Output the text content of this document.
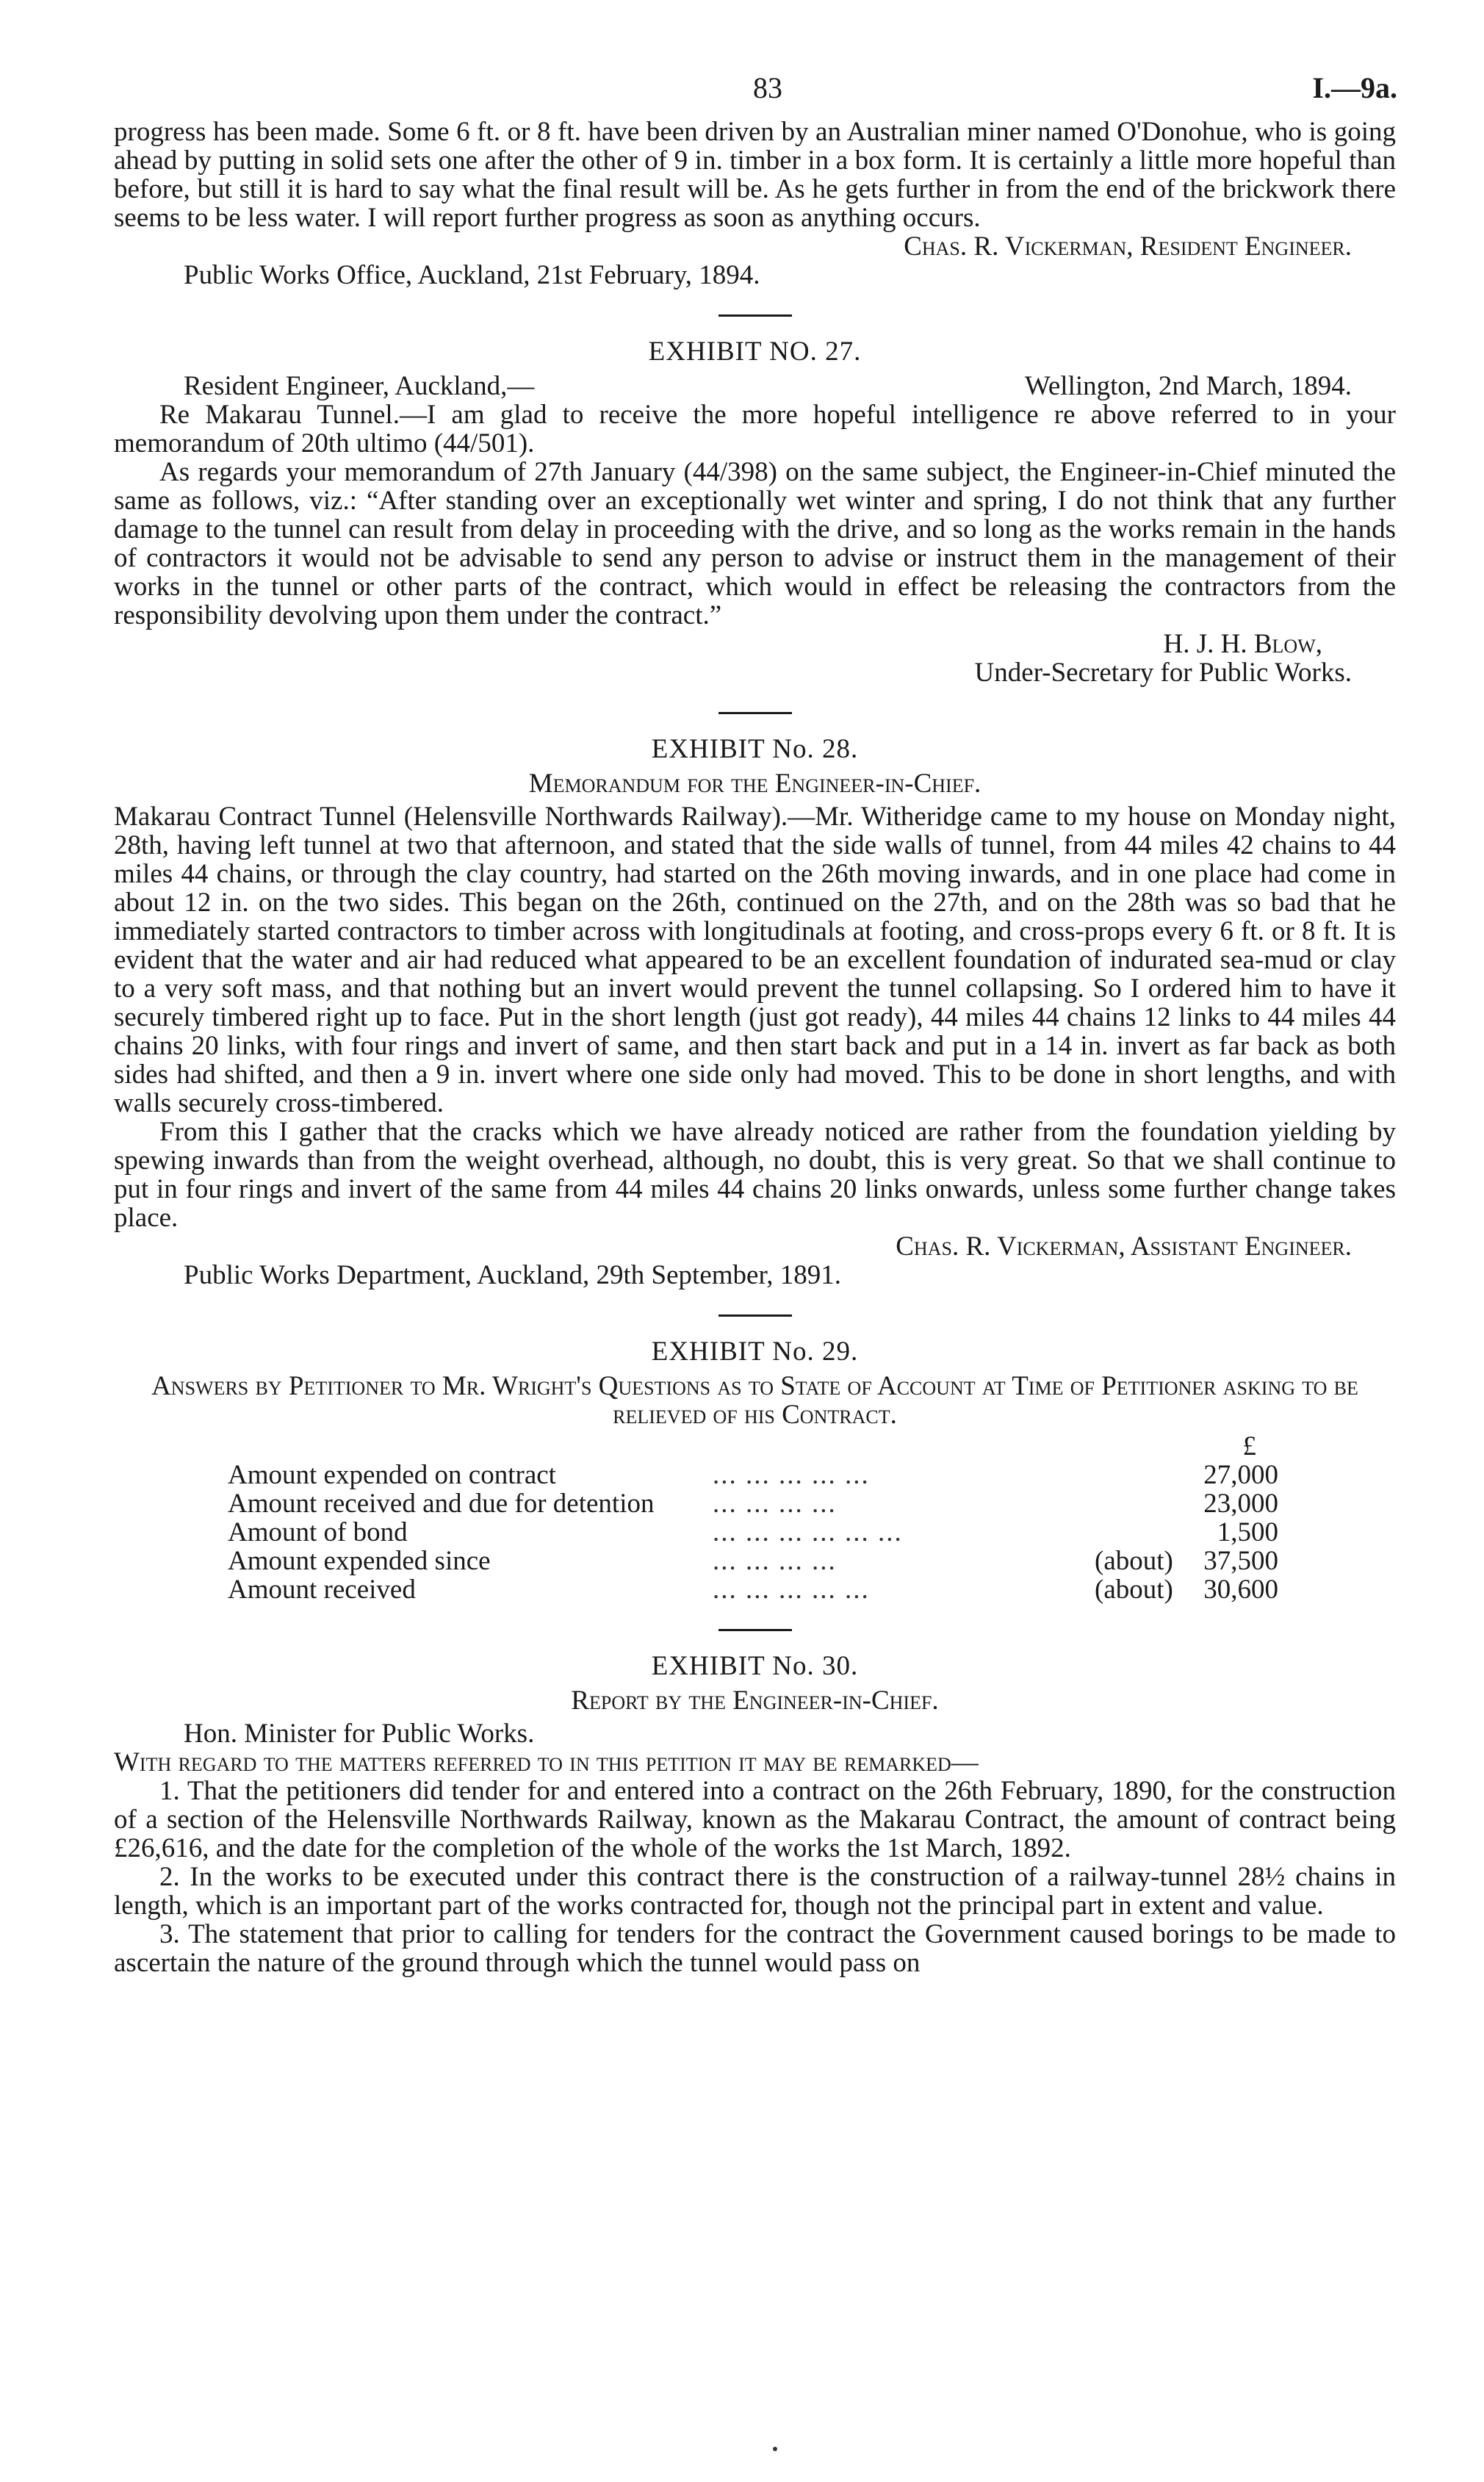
83	I.—9a.

progress has been made. Some 6 ft. or 8 ft. have been driven by an Australian miner named O'Donohue, who is going ahead by putting in solid sets one after the other of 9 in. timber in a box form. It is certainly a little more hopeful than before, but still it is hard to say what the final result will be. As he gets further in from the end of the brickwork there seems to be less water. I will report further progress as soon as anything occurs.

Chas. R. Vickerman, Resident Engineer.

Public Works Office, Auckland, 21st February, 1894.

EXHIBIT NO. 27.
Resident Engineer, Auckland,—	Wellington, 2nd March, 1894.

Re Makarau Tunnel.—I am glad to receive the more hopeful intelligence re above referred to in your memorandum of 20th ultimo (44/501).

As regards your memorandum of 27th January (44/398) on the same subject, the Engineer-in-Chief minuted the same as follows, viz.: “After standing over an exceptionally wet winter and spring, I do not think that any further damage to the tunnel can result from delay in proceeding with the drive, and so long as the works remain in the hands of contractors it would not be advisable to send any person to advise or instruct them in the management of their works in the tunnel or other parts of the contract, which would in effect be releasing the contractors from the responsibility devolving upon them under the contract.”

H. J. H. Blow,

Under-Secretary for Public Works.

EXHIBIT No. 28.
Memorandum for the Engineer-in-Chief.

Makarau Contract Tunnel (Helensville Northwards Railway).—Mr. Witheridge came to my house on Monday night, 28th, having left tunnel at two that afternoon, and stated that the side walls of tunnel, from 44 miles 42 chains to 44 miles 44 chains, or through the clay country, had started on the 26th moving inwards, and in one place had come in about 12 in. on the two sides. This began on the 26th, continued on the 27th, and on the 28th was so bad that he immediately started contractors to timber across with longitudinals at footing, and cross-props every 6 ft. or 8 ft. It is evident that the water and air had reduced what appeared to be an excellent foundation of indurated sea-mud or clay to a very soft mass, and that nothing but an invert would prevent the tunnel collapsing. So I ordered him to have it securely timbered right up to face. Put in the short length (just got ready), 44 miles 44 chains 12 links to 44 miles 44 chains 20 links, with four rings and invert of same, and then start back and put in a 14 in. invert as far back as both sides had shifted, and then a 9 in. invert where one side only had moved. This to be done in short lengths, and with walls securely cross-timbered.

From this I gather that the cracks which we have already noticed are rather from the foundation yielding by spewing inwards than from the weight overhead, although, no doubt, this is very great. So that we shall continue to put in four rings and invert of the same from 44 miles 44 chains 20 links onwards, unless some further change takes place.

Chas. R. Vickerman, Assistant Engineer.

Public Works Department, Auckland, 29th September, 1891.

EXHIBIT No. 29.
Answers by Petitioner to Mr. Wright's Questions as to State of Account at Time of Petitioner asking to be relieved of his Contract.
£
Amount expended on contract	... ... ... ... ...	27,000
Amount received and due for detention	... ... ... ...	23,000
Amount of bond	... ... ... ... ... ...	1,500
Amount expended since	... ... ... ...	(about)	37,500
Amount received	... ... ... ... ...	(about)	30,600
EXHIBIT No. 30.
Report by the Engineer-in-Chief.

Hon. Minister for Public Works.

With regard to the matters referred to in this petition it may be remarked—

1. That the petitioners did tender for and entered into a contract on the 26th February, 1890, for the construction of a section of the Helensville Northwards Railway, known as the Makarau Contract, the amount of contract being £26,616, and the date for the completion of the whole of the works the 1st March, 1892.

2. In the works to be executed under this contract there is the construction of a railway-tunnel 28½ chains in length, which is an important part of the works contracted for, though not the principal part in extent and value.

3. The statement that prior to calling for tenders for the contract the Government caused borings to be made to ascertain the nature of the ground through which the tunnel would pass on
